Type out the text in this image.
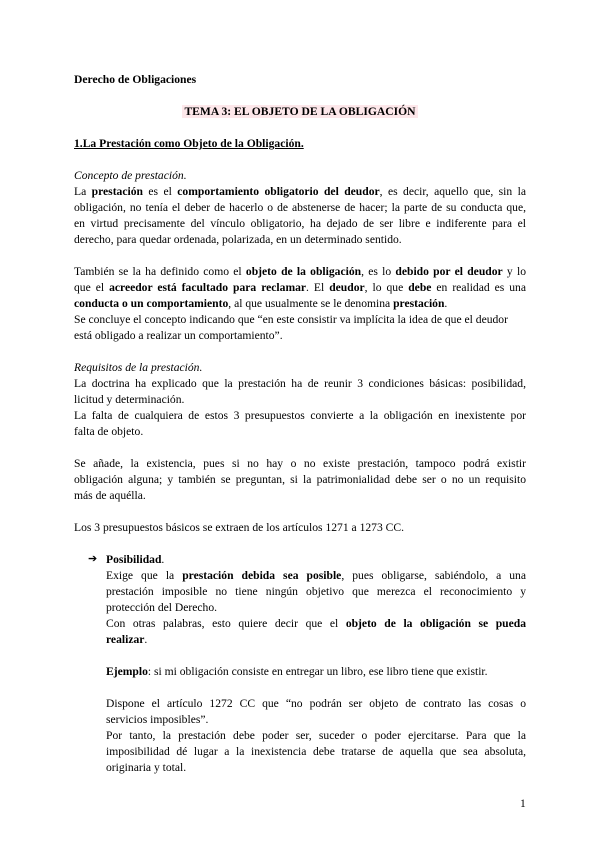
Derecho de Obligaciones
TEMA 3: EL OBJETO DE LA OBLIGACIÓN
1.La Prestación como Objeto de la Obligación.
Concepto de prestación.
La prestación es el comportamiento obligatorio del deudor, es decir, aquello que, sin la
obligación, no tenía el deber de hacerlo o de abstenerse de hacer; la parte de su conducta que,
en virtud precisamente del vínculo obligatorio, ha dejado de ser libre e indiferente para el
derecho, para quedar ordenada, polarizada, en un determinado sentido.
También se la ha definido como el objeto de la obligación, es lo debido por el deudor y lo
que el acreedor está facultado para reclamar. El deudor, lo que debe en realidad es una
conducta o un comportamiento, al que usualmente se le denomina prestación.
Se concluye el concepto indicando que “en este consistir va implícita la idea de que el deudor
está obligado a realizar un comportamiento”.
Requisitos de la prestación.
La doctrina ha explicado que la prestación ha de reunir 3 condiciones básicas: posibilidad,
licitud y determinación.
La falta de cualquiera de estos 3 presupuestos convierte a la obligación en inexistente por
falta de objeto.
Se añade, la existencia, pues si no hay o no existe prestación, tampoco podrá existir
obligación alguna; y también se preguntan, si la patrimonialidad debe ser o no un requisito
más de aquélla.
Los 3 presupuestos básicos se extraen de los artículos 1271 a 1273 CC.
➔ Posibilidad.
Exige que la prestación debida sea posible, pues obligarse, sabiéndolo, a una
prestación imposible no tiene ningún objetivo que merezca el reconocimiento y
protección del Derecho.
Con otras palabras, esto quiere decir que el objeto de la obligación se pueda
realizar.
Ejemplo: si mi obligación consiste en entregar un libro, ese libro tiene que existir.
Dispone el artículo 1272 CC que “no podrán ser objeto de contrato las cosas o
servicios imposibles”.
Por tanto, la prestación debe poder ser, suceder o poder ejercitarse. Para que la
imposibilidad dé lugar a la inexistencia debe tratarse de aquella que sea absoluta,
originaria y total.
1
